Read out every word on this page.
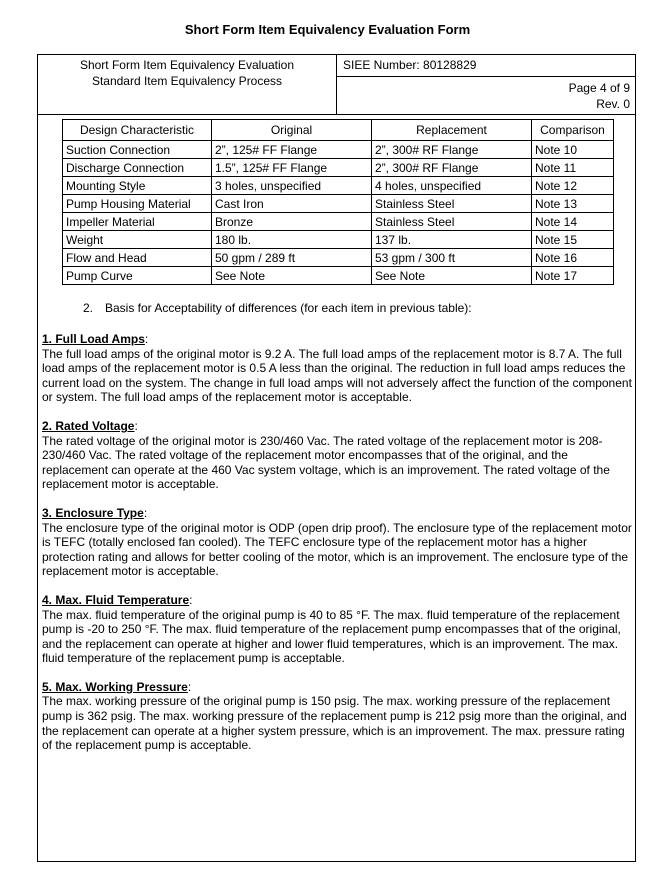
Short Form Item Equivalency Evaluation Form
Short Form Item Equivalency Evaluation
Standard Item Equivalency Process
SIEE Number: 80128829
Page 4 of 9
Rev. 0
Design Characteristic	Original	Replacement	Comparison
Suction Connection	2”, 125# FF Flange	2”, 300# RF Flange	Note 10
Discharge Connection	1.5”, 125# FF Flange	2”, 300# RF Flange	Note 11
Mounting Style	3 holes, unspecified	4 holes, unspecified	Note 12
Pump Housing Material	Cast Iron	Stainless Steel	Note 13
Impeller Material	Bronze	Stainless Steel	Note 14
Weight	180 lb.	137 lb.	Note 15
Flow and Head	50 gpm / 289 ft	53 gpm / 300 ft	Note 16
Pump Curve	See Note	See Note	Note 17
2. Basis for Acceptability of differences (for each item in previous table):
1. Full Load Amps:
The full load amps of the original motor is 9.2 A. The full load amps of the replacement motor is 8.7 A. The full load amps of the replacement motor is 0.5 A less than the original. The reduction in full load amps reduces the current load on the system. The change in full load amps will not adversely affect the function of the component or system. The full load amps of the replacement motor is acceptable.
2. Rated Voltage:
The rated voltage of the original motor is 230/460 Vac. The rated voltage of the replacement motor is 208-230/460 Vac. The rated voltage of the replacement motor encompasses that of the original, and the replacement can operate at the 460 Vac system voltage, which is an improvement. The rated voltage of the replacement motor is acceptable.
3. Enclosure Type:
The enclosure type of the original motor is ODP (open drip proof). The enclosure type of the replacement motor is TEFC (totally enclosed fan cooled). The TEFC enclosure type of the replacement motor has a higher protection rating and allows for better cooling of the motor, which is an improvement. The enclosure type of the replacement motor is acceptable.
4. Max. Fluid Temperature:
The max. fluid temperature of the original pump is 40 to 85 °F. The max. fluid temperature of the replacement pump is -20 to 250 °F. The max. fluid temperature of the replacement pump encompasses that of the original, and the replacement can operate at higher and lower fluid temperatures, which is an improvement. The max. fluid temperature of the replacement pump is acceptable.
5. Max. Working Pressure:
The max. working pressure of the original pump is 150 psig. The max. working pressure of the replacement pump is 362 psig. The max. working pressure of the replacement pump is 212 psig more than the original, and the replacement can operate at a higher system pressure, which is an improvement. The max. pressure rating of the replacement pump is acceptable.
